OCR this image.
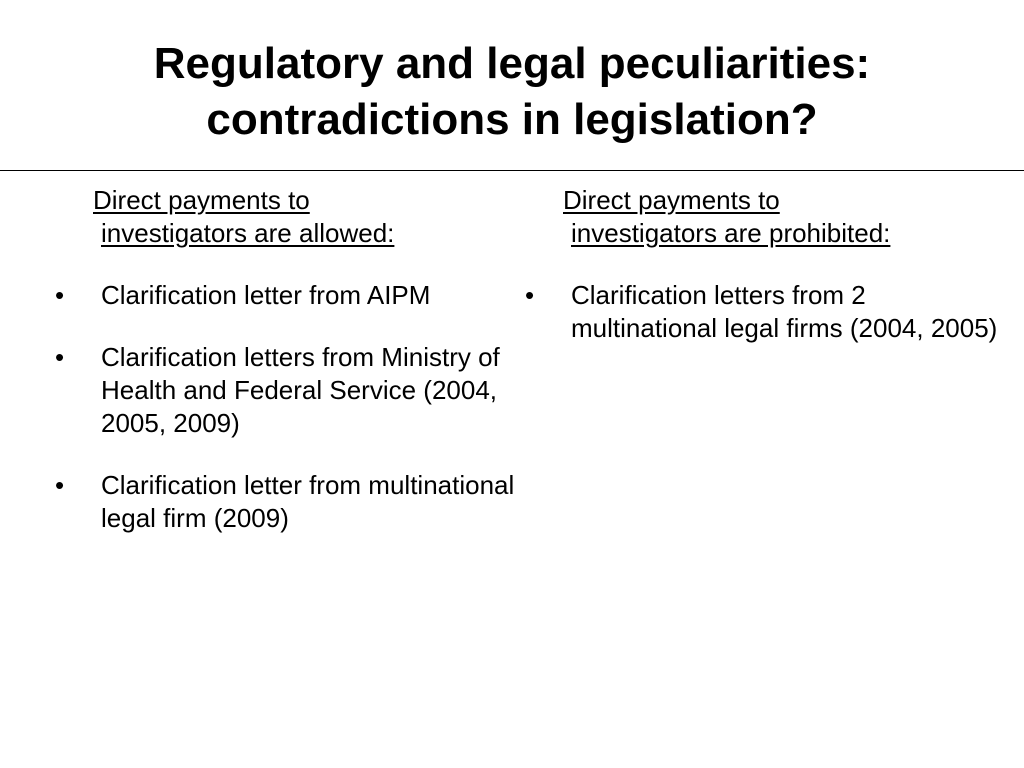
Regulatory and legal peculiarities:
contradictions in legislation?

Direct payments to
investigators are allowed:

• Clarification letter from AIPM
• Clarification letters from Ministry of Health and Federal Service (2004, 2005, 2009)
• Clarification letter from multinational legal firm (2009)

Direct payments to
investigators are prohibited:

• Clarification letters from 2 multinational legal firms (2004, 2005)
